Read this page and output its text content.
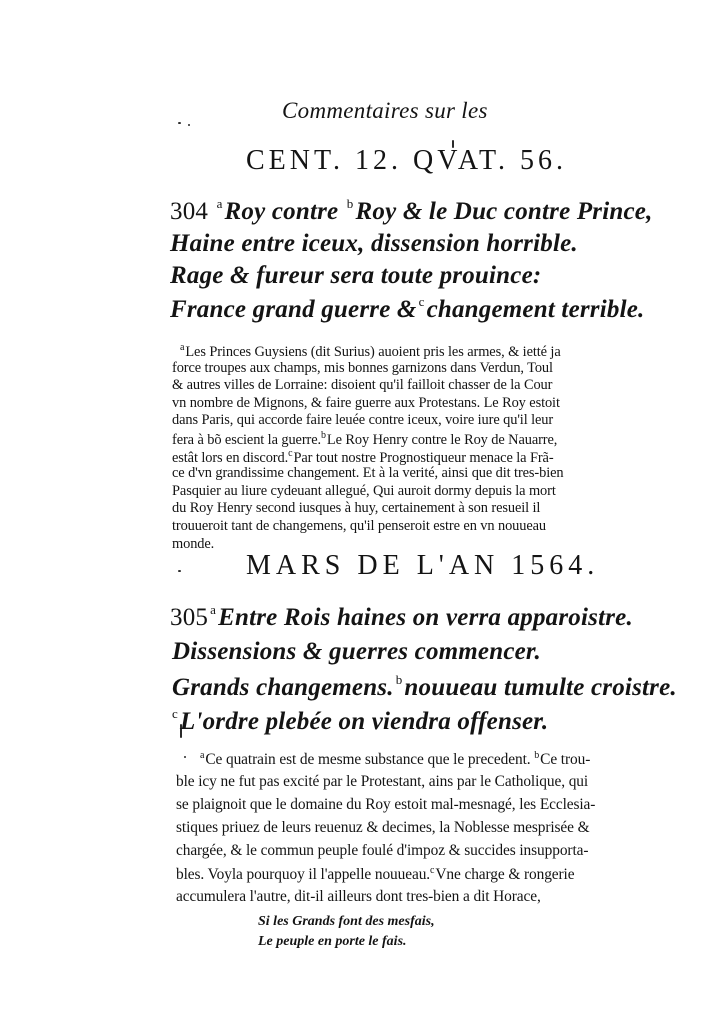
Commentaires sur les
CENT. 12. QVAT. 56.
304 $^a$Roy contre $^b$Roy & le Duc contre Prince,
Haine entre iceux, dissension horrible.
Rage & fureur sera toute prouince:
France grand guerre & $^c$changement terrible.
$^a$Les Princes Guysiens (dit Surius) auoient pris les armes, & ietté ja
force troupes aux champs, mis bonnes garnizons dans Verdun, Toul
& autres villes de Lorraine: disoient qu'il failloit chasser de la Cour
vn nombre de Mignons, & faire guerre aux Protestans. Le Roy estoit
dans Paris, qui accorde faire leuée contre iceux, voire iure qu'il leur
fera à bõ escient la guerre.$^b$Le Roy Henry contre le Roy de Nauarre,
estât lors en discord.$^c$Par tout nostre Prognostiqueur menace la Frã-
ce d'vn grandissime changement. Et à la verité, ainsi que dit tres-bien
Pasquier au liure cydeuant allegué, Qui auroit dormy depuis la mort
du Roy Henry second iusques à huy, certainement à son resueil il
trouueroit tant de changemens, qu'il penseroit estre en vn nouueau
monde.
MARS DE L'AN 1564.
305 $^a$Entre Rois haines on verra apparoistre.
Dissensions & guerres commencer.
Grands changemens. $^b$nouueau tumulte croistre.
$^c$L'ordre plebée on viendra offenser.
$^a$Ce quatrain est de mesme substance que le precedent. $^b$Ce trou-
ble icy ne fut pas excité par le Protestant, ains par le Catholique, qui
se plaignoit que le domaine du Roy estoit mal-mesnagé, les Ecclesia-
stiques priuez de leurs reuenuz & decimes, la Noblesse mesprisée &
chargée, & le commun peuple foulé d'impoz & succides insupporta-
bles. Voyla pourquoy il l'appelle nouueau.$^c$Vne charge & rongerie
accumulera l'autre, dit-il ailleurs dont tres-bien a dit Horace,
Si les Grands font des mesfais,
Le peuple en porte le fais.
